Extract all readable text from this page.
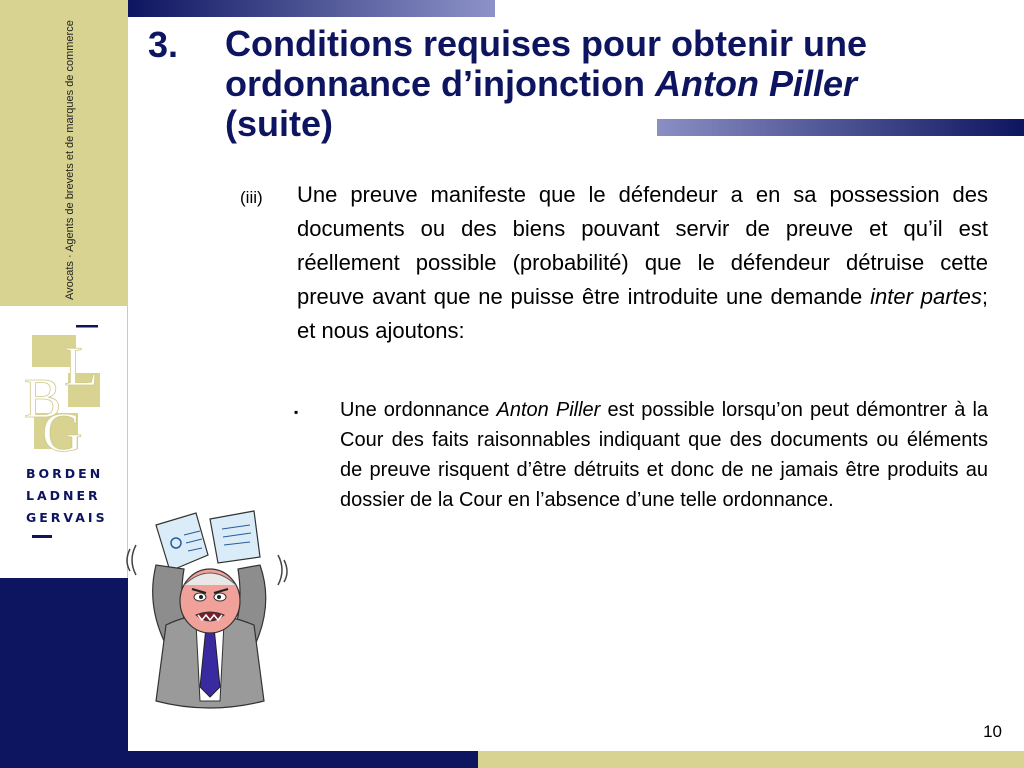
Avocats · Agents de brevets et de marques de commerce
B
L
G
BORDEN
LADNER
GERVAIS
3. Conditions requises pour obtenir une
ordonnance d’injonction Anton Piller
(suite)
(iii) Une preuve manifeste que le défendeur a en sa possession des documents ou des biens pouvant servir de preuve et qu’il est réellement possible (probabilité) que le défendeur détruise cette preuve avant que ne puisse être introduite une demande inter partes; et nous ajoutons:
▪ Une ordonnance Anton Piller est possible lorsqu’on peut démontrer à la Cour des faits raisonnables indiquant que des documents ou éléments de preuve risquent d’être détruits et donc de ne jamais être produits au dossier de la Cour en l’absence d’une telle ordonnance.
10
